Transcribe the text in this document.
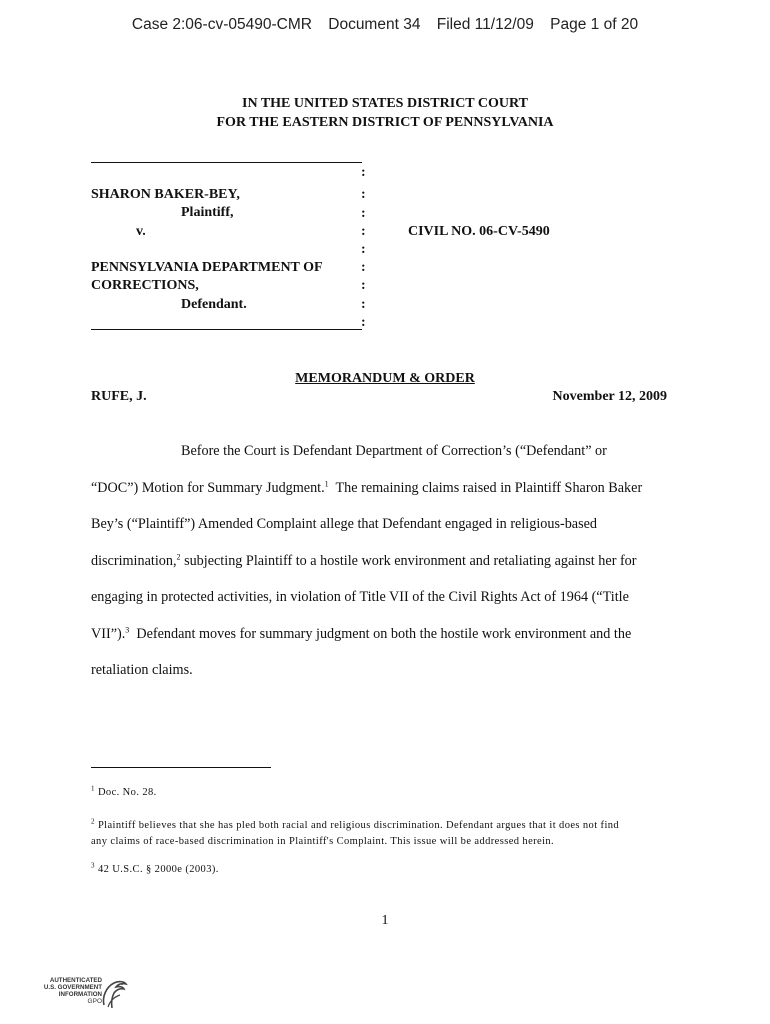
Case 2:06-cv-05490-CMR Document 34 Filed 11/12/09 Page 1 of 20
IN THE UNITED STATES DISTRICT COURT
FOR THE EASTERN DISTRICT OF PENNSYLVANIA
:
:
:
:
:
:
:
:
:
SHARON BAKER-BEY,
Plaintiff,
v.	CIVIL NO. 06-CV-5490
PENNSYLVANIA DEPARTMENT OF
CORRECTIONS,
Defendant.
MEMORANDUM & ORDER
RUFE, J.	November 12, 2009
Before the Court is Defendant Department of Correction’s (“Defendant” or
“DOC”) Motion for Summary Judgment.$^1$ The remaining claims raised in Plaintiff Sharon Baker
Bey’s (“Plaintiff”) Amended Complaint allege that Defendant engaged in religious-based
discrimination,$^2$ subjecting Plaintiff to a hostile work environment and retaliating against her for
engaging in protected activities, in violation of Title VII of the Civil Rights Act of 1964 (“Title
VII”).$^3$ Defendant moves for summary judgment on both the hostile work environment and the
retaliation claims.
$^1$ Doc. No. 28.
$^2$ Plaintiff believes that she has pled both racial and religious discrimination. Defendant argues that it does not find
any claims of race-based discrimination in Plaintiff's Complaint. This issue will be addressed herein.
$^3$ 42 U.S.C. § 2000e (2003).
1
AUTHENTICATED
U.S. GOVERNMENT
INFORMATION
GPO
